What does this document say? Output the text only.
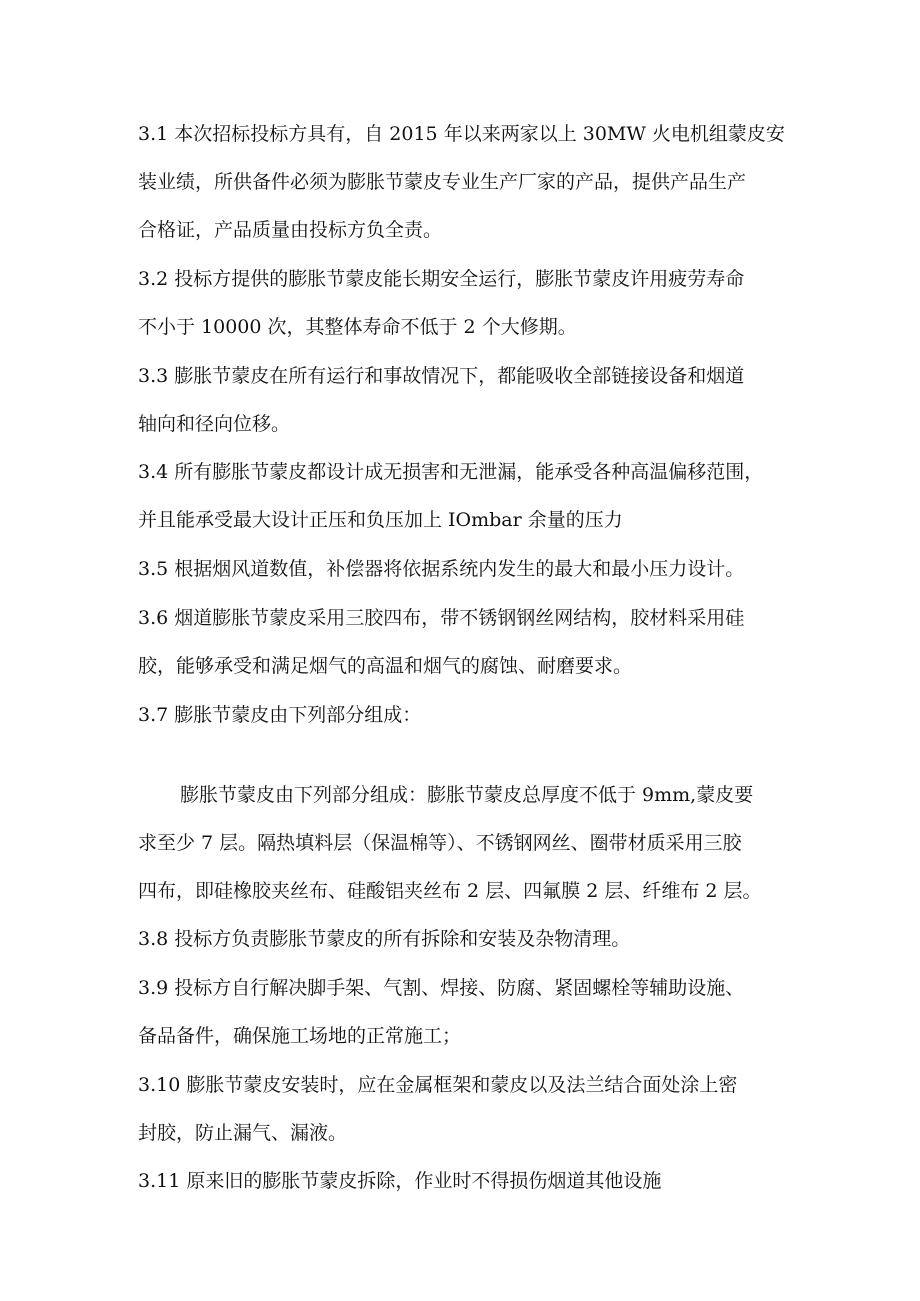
3.1 本次招标投标方具有，自 2015 年以来两家以上 30MW 火电机组蒙皮安
装业绩，所供备件必须为膨胀节蒙皮专业生产厂家的产品，提供产品生产
合格证，产品质量由投标方负全责。
3.2 投标方提供的膨胀节蒙皮能长期安全运行，膨胀节蒙皮许用疲劳寿命
不小于 10000 次，其整体寿命不低于 2 个大修期。
3.3 膨胀节蒙皮在所有运行和事故情况下，都能吸收全部链接设备和烟道
轴向和径向位移。
3.4 所有膨胀节蒙皮都设计成无损害和无泄漏，能承受各种高温偏移范围，
并且能承受最大设计正压和负压加上 IOmbar 余量的压力
3.5 根据烟风道数值，补偿器将依据系统内发生的最大和最小压力设计。
3.6 烟道膨胀节蒙皮采用三胶四布，带不锈钢钢丝网结构，胶材料采用硅
胶，能够承受和满足烟气的高温和烟气的腐蚀、耐磨要求。
3.7 膨胀节蒙皮由下列部分组成：
膨胀节蒙皮由下列部分组成：膨胀节蒙皮总厚度不低于 9mm,蒙皮要
求至少 7 层。隔热填料层（保温棉等）、不锈钢网丝、圈带材质采用三胶
四布，即硅橡胶夹丝布、硅酸铝夹丝布 2 层、四氟膜 2 层、纤维布 2 层。
3.8 投标方负责膨胀节蒙皮的所有拆除和安装及杂物清理。
3.9 投标方自行解决脚手架、气割、焊接、防腐、紧固螺栓等辅助设施、
备品备件，确保施工场地的正常施工；
3.10 膨胀节蒙皮安装时，应在金属框架和蒙皮以及法兰结合面处涂上密
封胶，防止漏气、漏液。
3.11 原来旧的膨胀节蒙皮拆除，作业时不得损伤烟道其他设施
